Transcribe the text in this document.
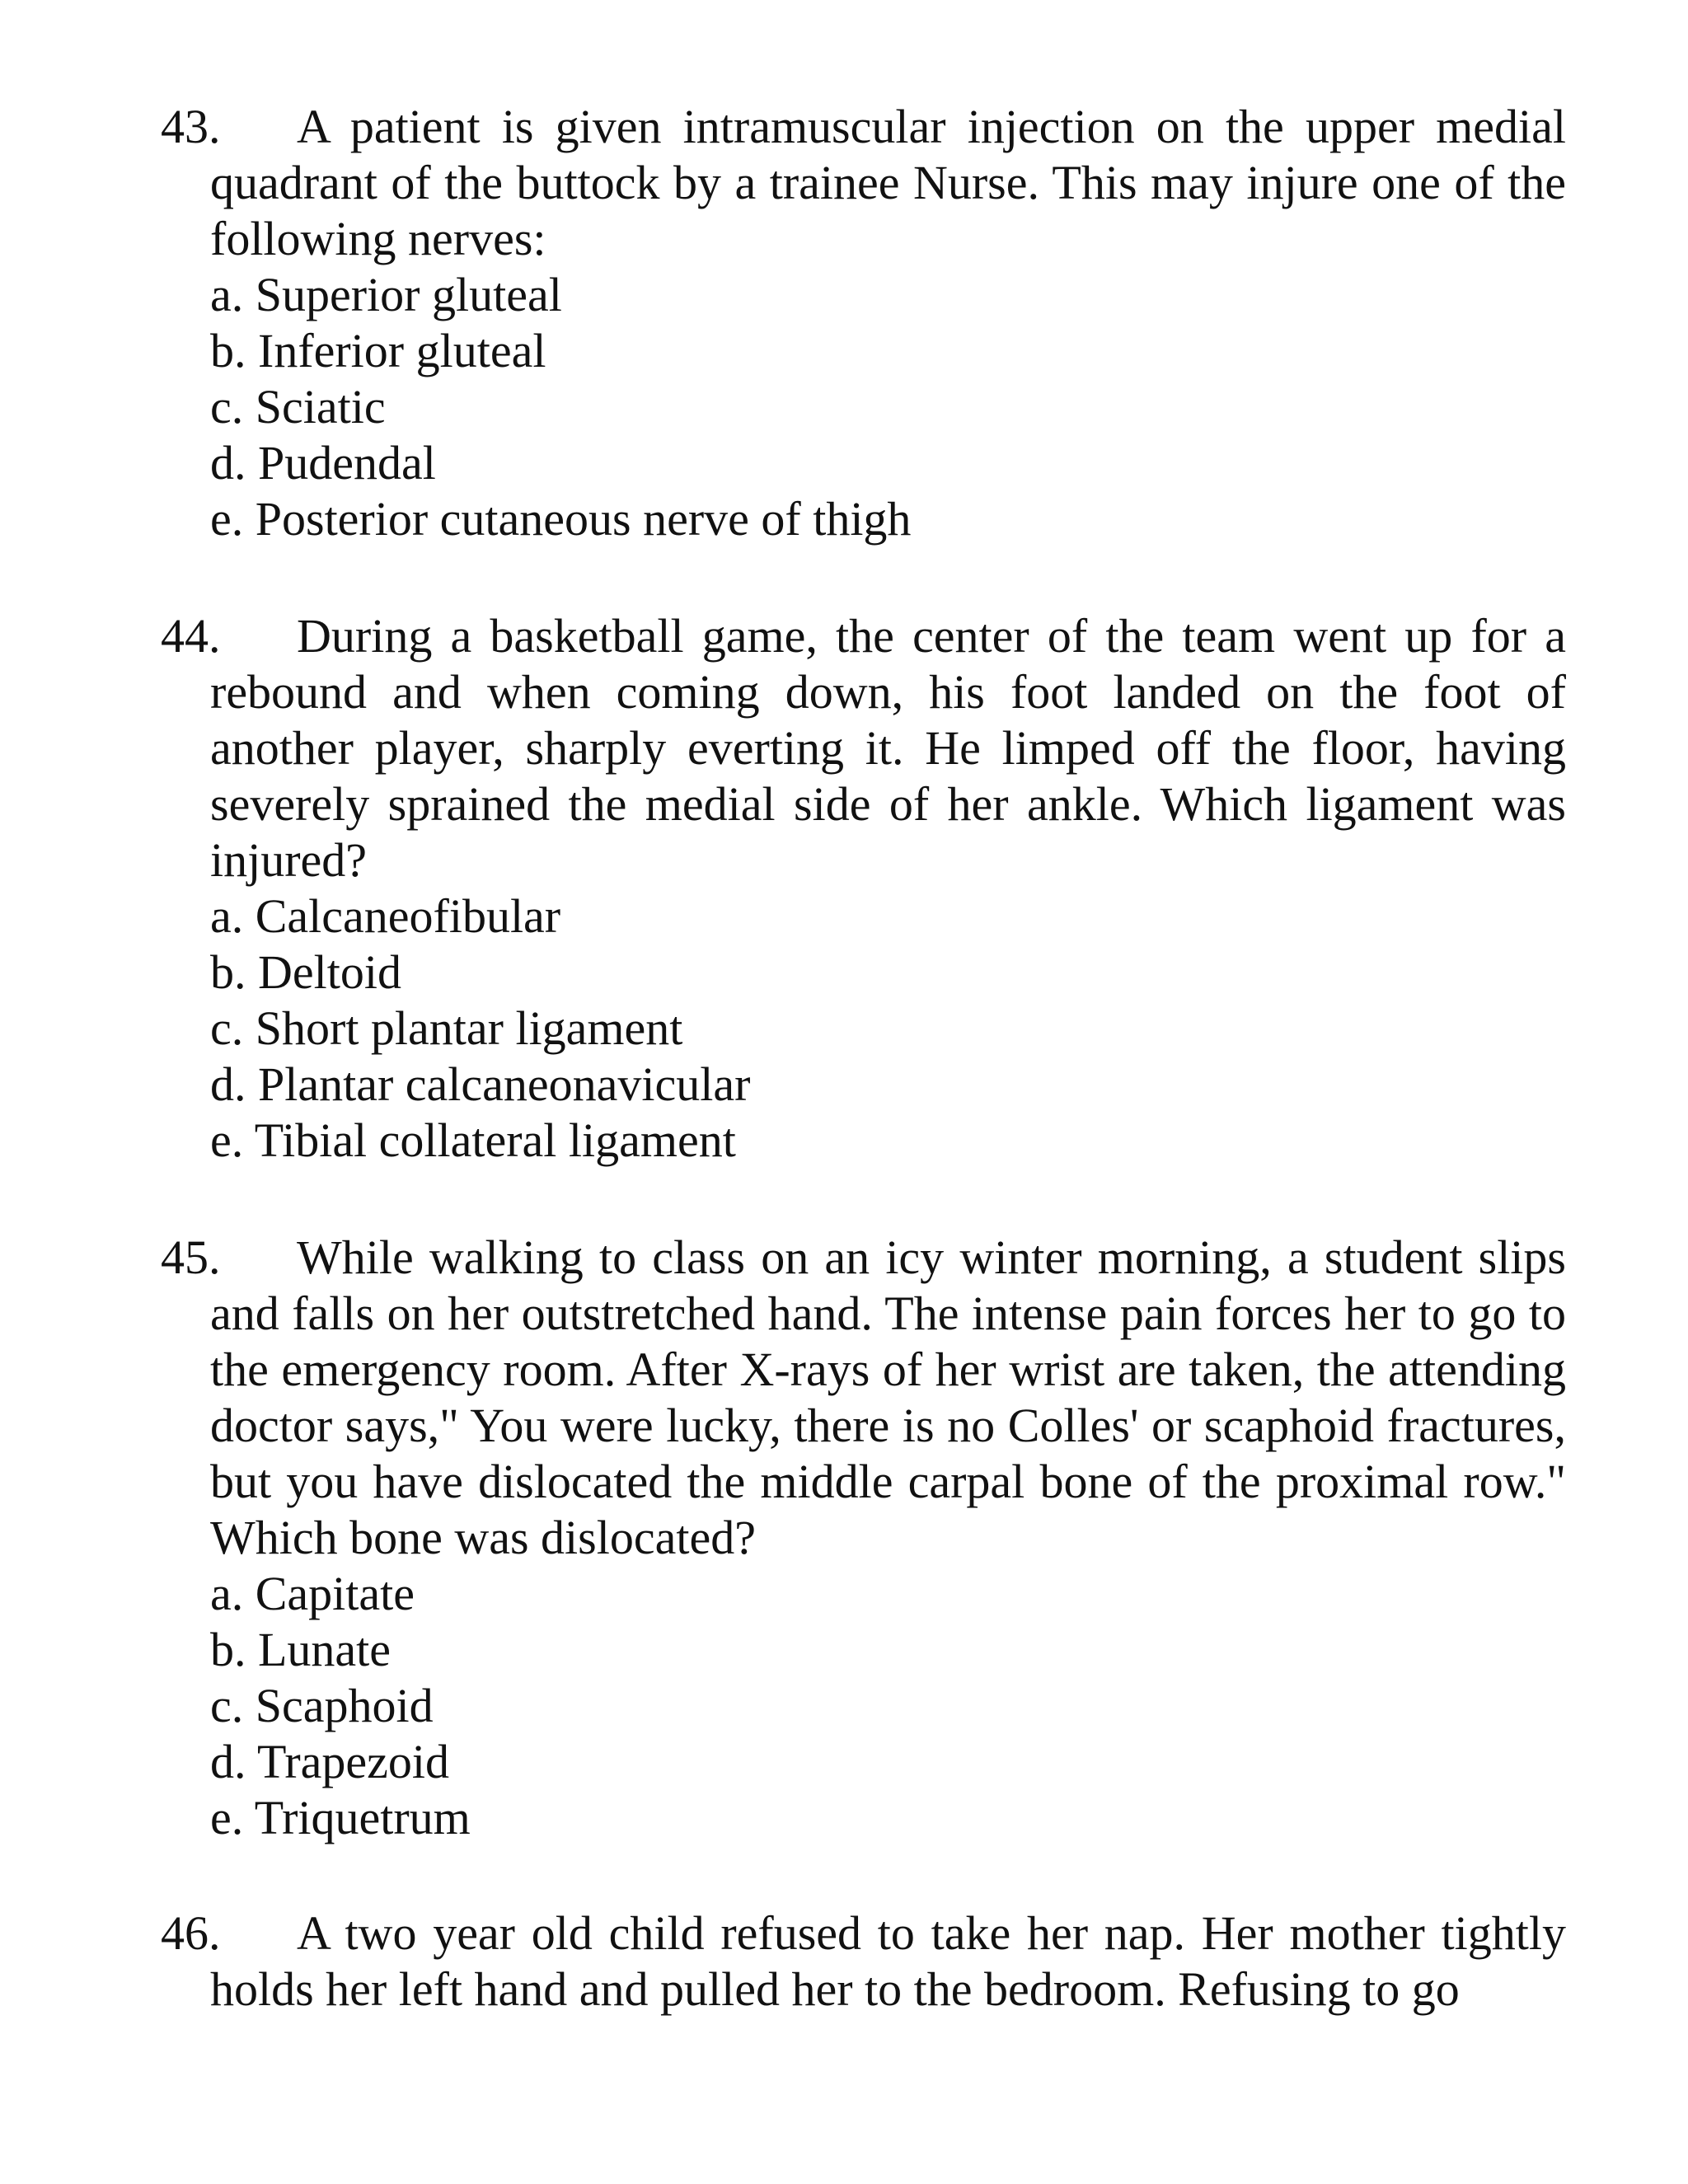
43. A patient is given intramuscular injection on the upper medial quadrant of the buttock by a trainee Nurse. This may injure one of the following nerves:

a. Superior gluteal
b. Inferior gluteal
c. Sciatic
d. Pudendal
e. Posterior cutaneous nerve of thigh

44. During a basketball game, the center of the team went up for a rebound and when coming down, his foot landed on the foot of another player, sharply everting it. He limped off the floor, having severely sprained the medial side of her ankle. Which ligament was injured?

a. Calcaneofibular
b. Deltoid
c. Short plantar ligament
d. Plantar calcaneonavicular
e. Tibial collateral ligament

45. While walking to class on an icy winter morning, a student slips and falls on her outstretched hand. The intense pain forces her to go to the emergency room. After X-rays of her wrist are taken, the attending doctor says," You were lucky, there is no Colles' or scaphoid fractures, but you have dislocated the middle carpal bone of the proximal row." Which bone was dislocated?

a. Capitate
b. Lunate
c. Scaphoid
d. Trapezoid
e. Triquetrum

46. A two year old child refused to take her nap. Her mother tightly holds her left hand and pulled her to the bedroom. Refusing to go
